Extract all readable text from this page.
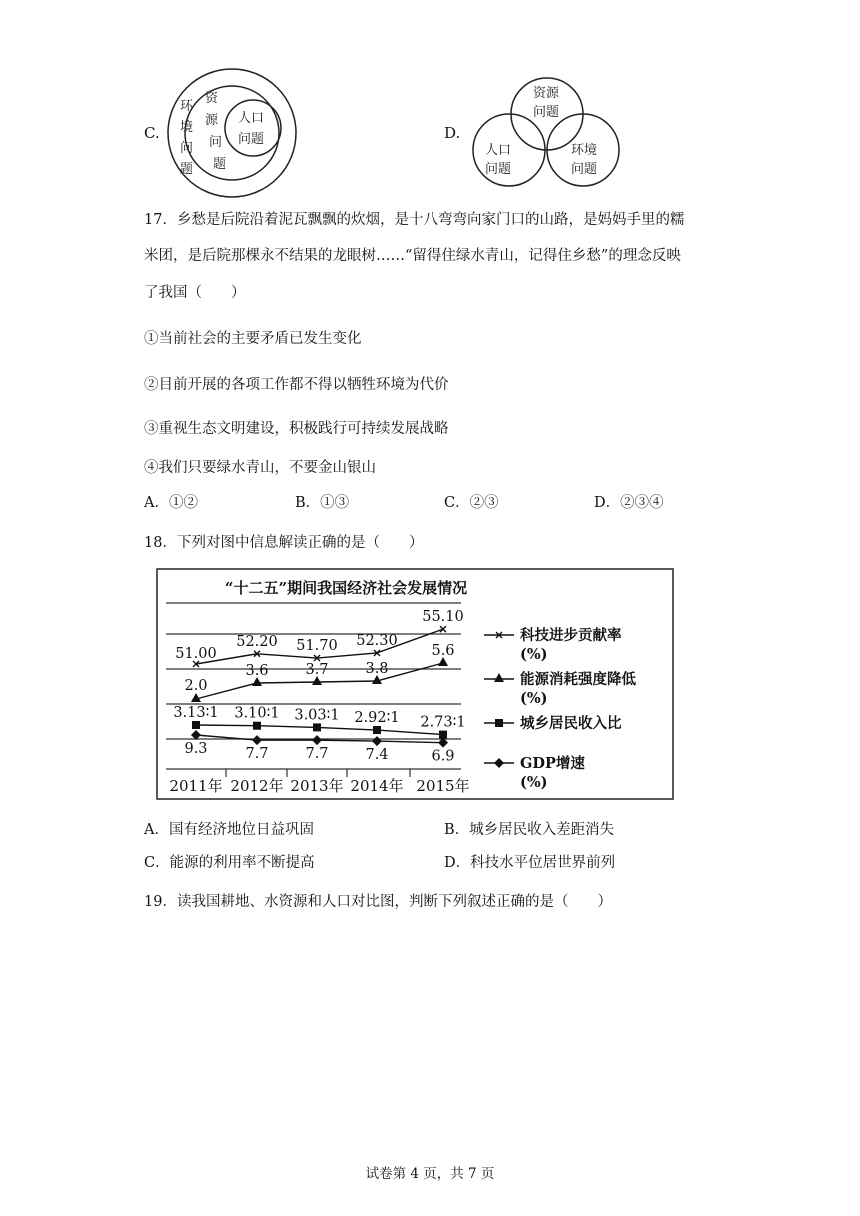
C.
环
境
问
题
资
源
问
题
人口
问题	D.
资源
问题
人口
问题
环境
问题
17．乡愁是后院沿着泥瓦飘飘的炊烟，是十八弯弯向家门口的山路，是妈妈手里的糯
米团，是后院那棵永不结果的龙眼树……“留得住绿水青山，记得住乡愁”的理念反映
了我国（　　）
①当前社会的主要矛盾已发生变化
②目前开展的各项工作都不得以牺牲环境为代价
③重视生态文明建设，积极践行可持续发展战略
④我们只要绿水青山，不要金山银山
A．①②	B．①③	C．②③	D．②③④
18．下列对图中信息解读正确的是（　　）
“十二五”期间我国经济社会发展情况
51.00
52.20 51.70 52.30
55.10
2.0
3.6	3.7	3.8
5.6
3.13∶1 3.10∶1 3.03∶1 2.92∶1 2.73∶1
9.3	7.7	7.7	7.4	6.9
科技进步贡献率
(%)
能源消耗强度降低
(%)
城乡居民收入比
GDP增速
(%)
2011年 2012年 2013年 2014年 2015年
A．国有经济地位日益巩固	B．城乡居民收入差距消失
C．能源的利用率不断提高	D．科技水平位居世界前列
19．读我国耕地、水资源和人口对比图，判断下列叙述正确的是（　　）
试卷第 4 页，共 7 页
